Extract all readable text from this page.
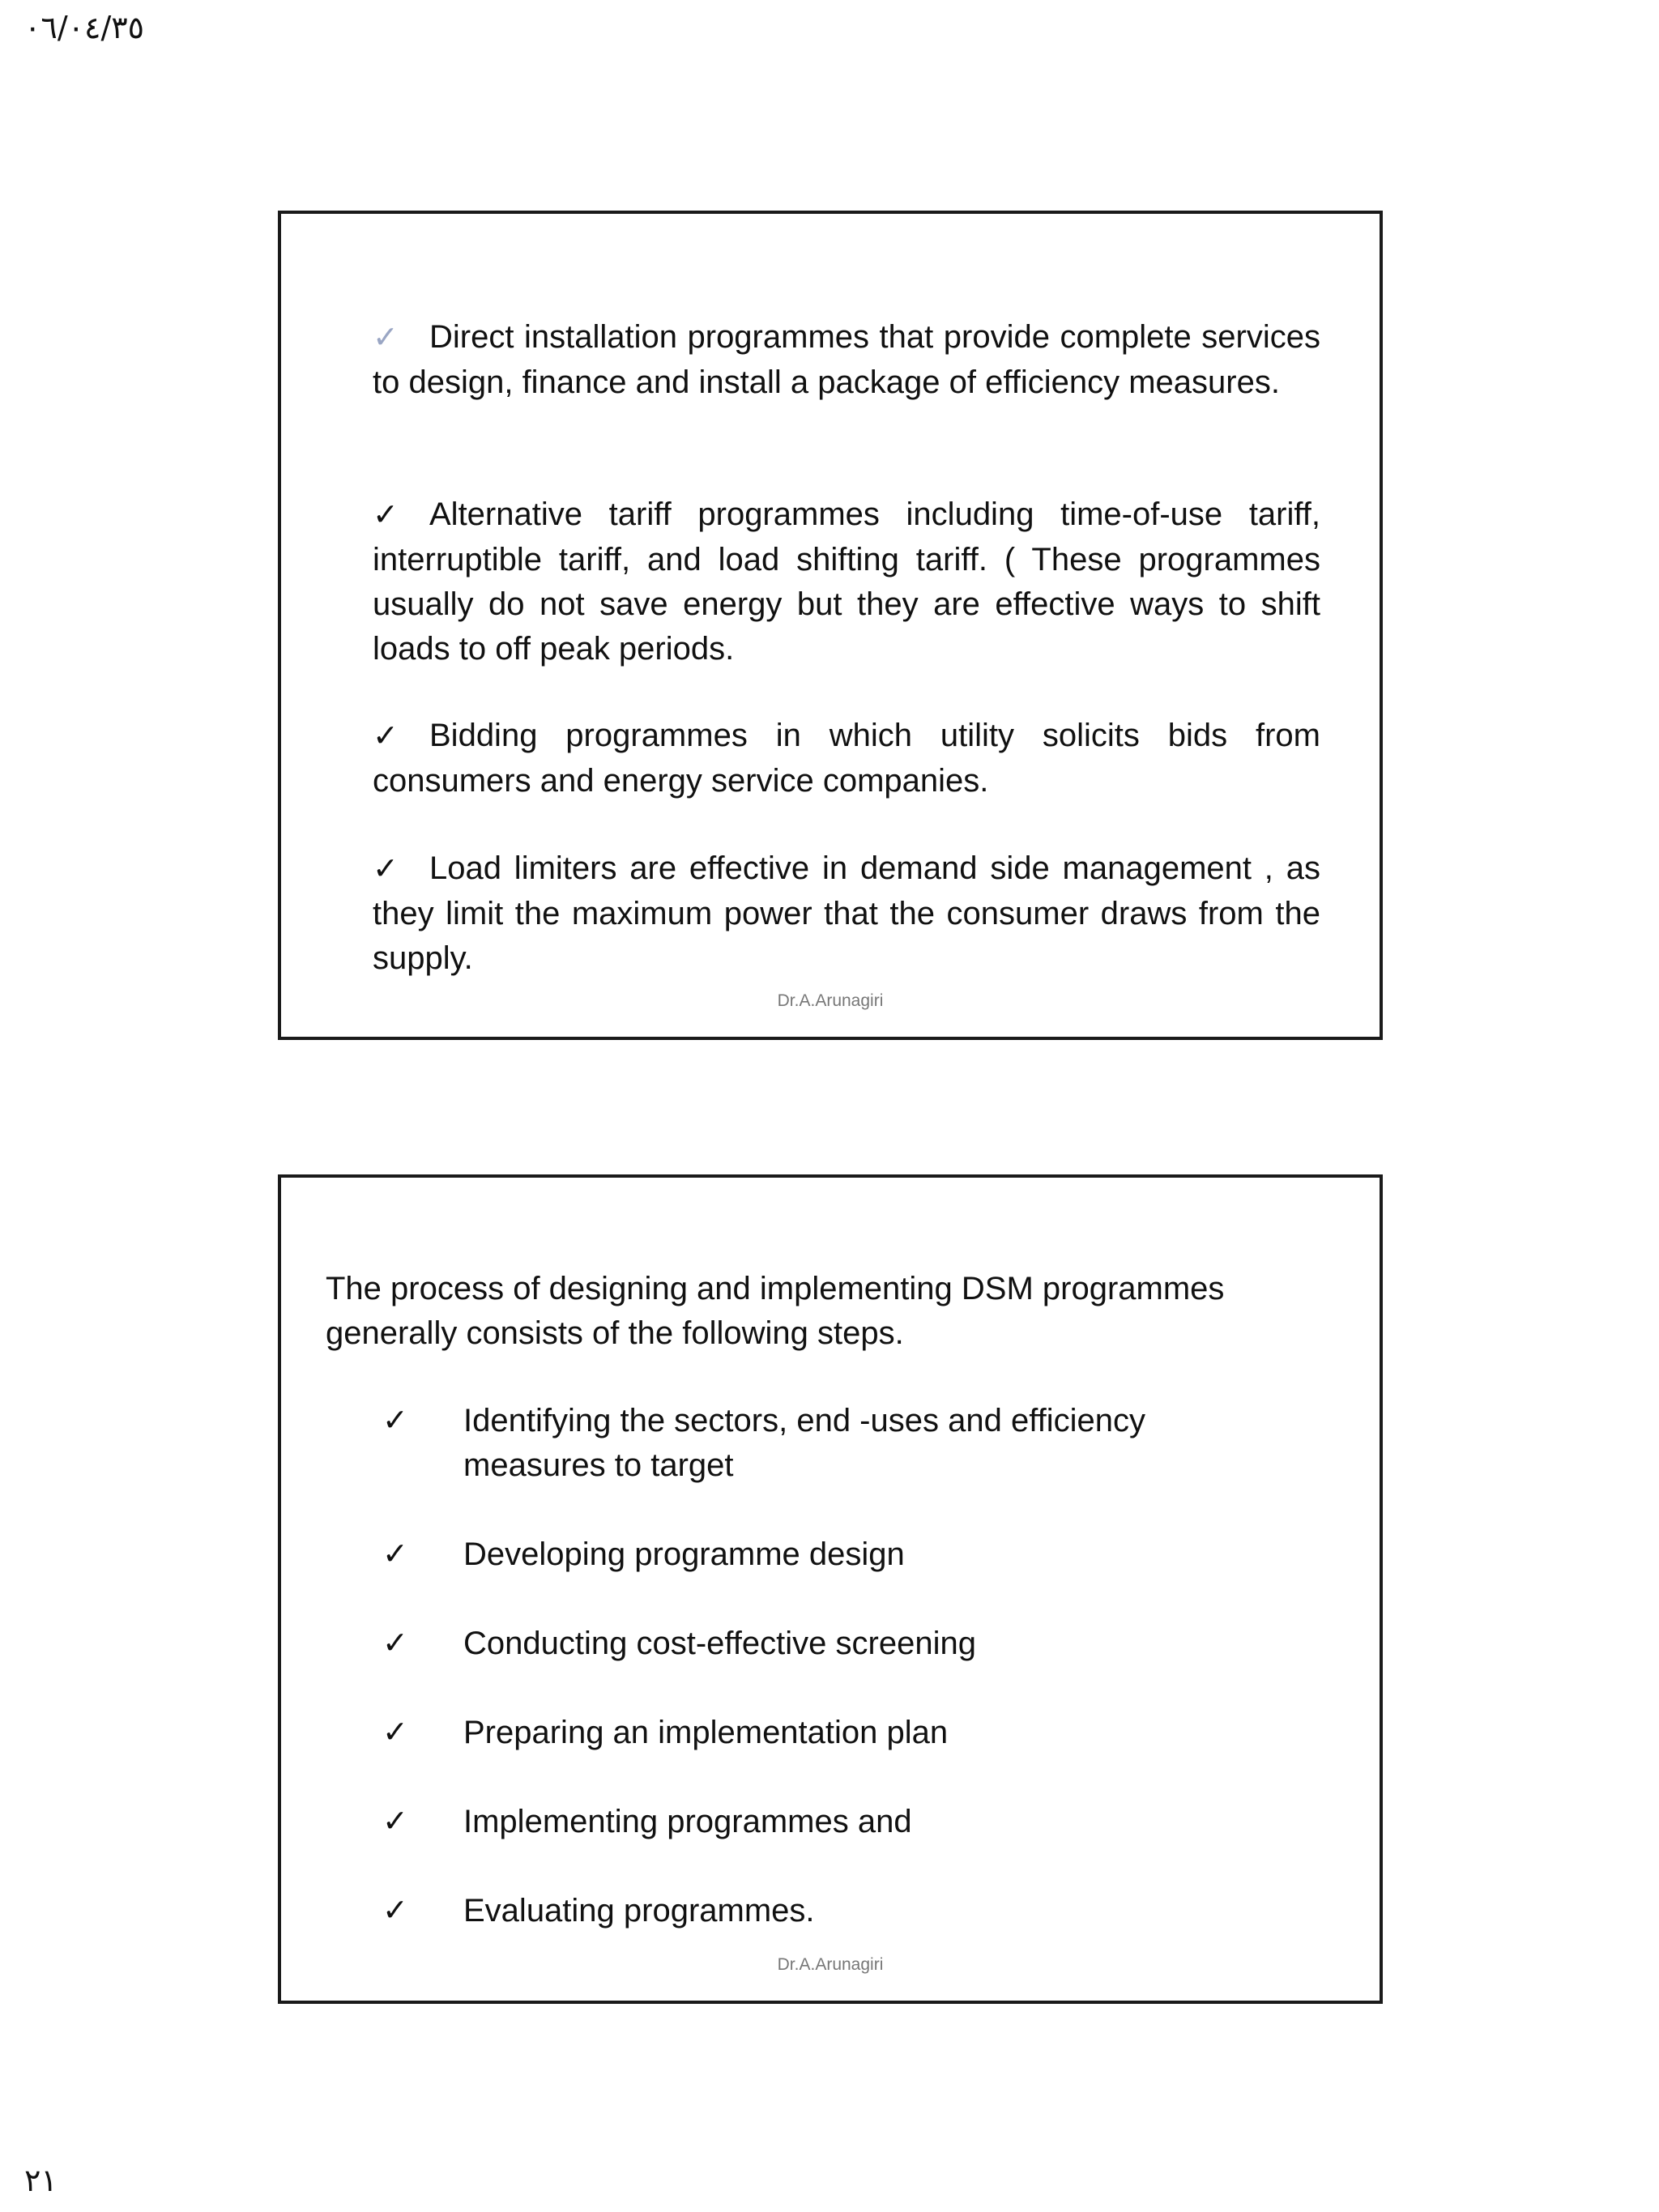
٠٦/٠٤/٣٥
✓ Direct installation programmes that provide complete services to design, finance and install a package of efficiency measures.
✓ Alternative tariff programmes including time-of-use tariff, interruptible tariff, and load shifting tariff. ( These programmes usually do not save energy but they are effective ways to shift loads to off peak periods.
✓ Bidding programmes in which utility solicits bids from consumers and energy service companies.
✓ Load limiters are effective in demand side management , as they limit the maximum power that the consumer draws from the supply.
Dr.A.Arunagiri
The process of designing and implementing DSM programmes generally consists of the following steps.
✓	Identifying the sectors, end -uses and efficiency measures to target
✓	Developing programme design
✓	Conducting cost-effective screening
✓	Preparing an implementation plan
✓	Implementing programmes and
✓	Evaluating programmes.
Dr.A.Arunagiri
٢١
